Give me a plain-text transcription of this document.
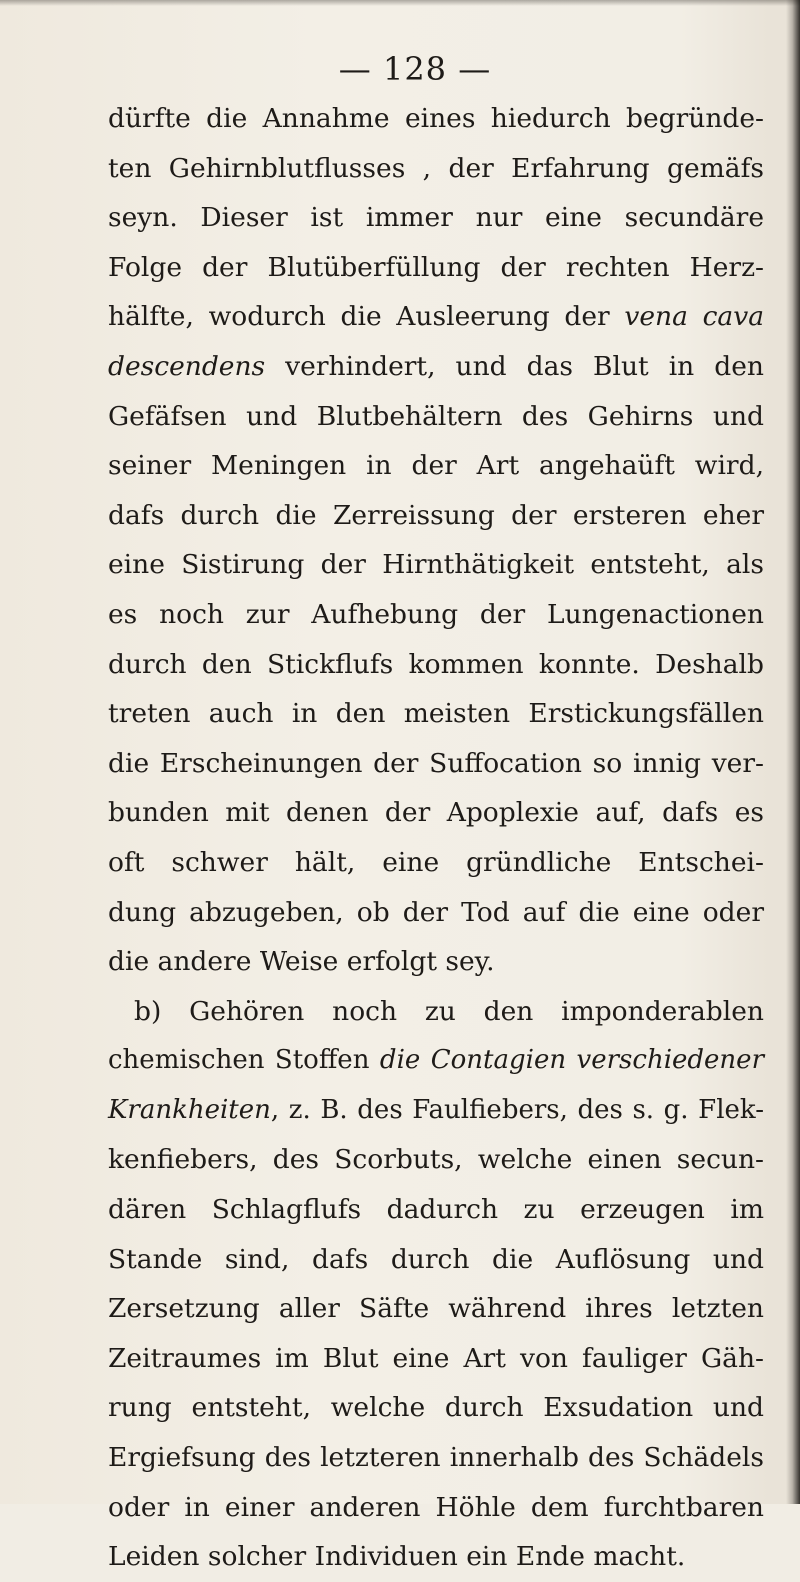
— 128 —
dürfte die Annahme eines hiedurch begründe-
ten Gehirnblutflusses , der Erfahrung gemäfs
seyn. Dieser ist immer nur eine secundäre
Folge der Blutüberfüllung der rechten Herz-
hälfte, wodurch die Ausleerung der vena cava
descendens verhindert, und das Blut in den
Gefäfsen und Blutbehältern des Gehirns und
seiner Meningen in der Art angehaüft wird,
dafs durch die Zerreissung der ersteren eher
eine Sistirung der Hirnthätigkeit entsteht, als
es noch zur Aufhebung der Lungenactionen
durch den Stickflufs kommen konnte. Deshalb
treten auch in den meisten Erstickungsfällen
die Erscheinungen der Suffocation so innig ver-
bunden mit denen der Apoplexie auf, dafs es
oft schwer hält, eine gründliche Entschei-
dung abzugeben, ob der Tod auf die eine oder
die andere Weise erfolgt sey.
b) Gehören noch zu den imponderablen
chemischen Stoffen die Contagien verschiedener
Krankheiten, z. B. des Faulfiebers, des s. g. Flek-
kenfiebers, des Scorbuts, welche einen secun-
dären Schlagflufs dadurch zu erzeugen im
Stande sind, dafs durch die Auflösung und
Zersetzung aller Säfte während ihres letzten
Zeitraumes im Blut eine Art von fauliger Gäh-
rung entsteht, welche durch Exsudation und
Ergiefsung des letzteren innerhalb des Schädels
oder in einer anderen Höhle dem furchtbaren
Leiden solcher Individuen ein Ende macht.
